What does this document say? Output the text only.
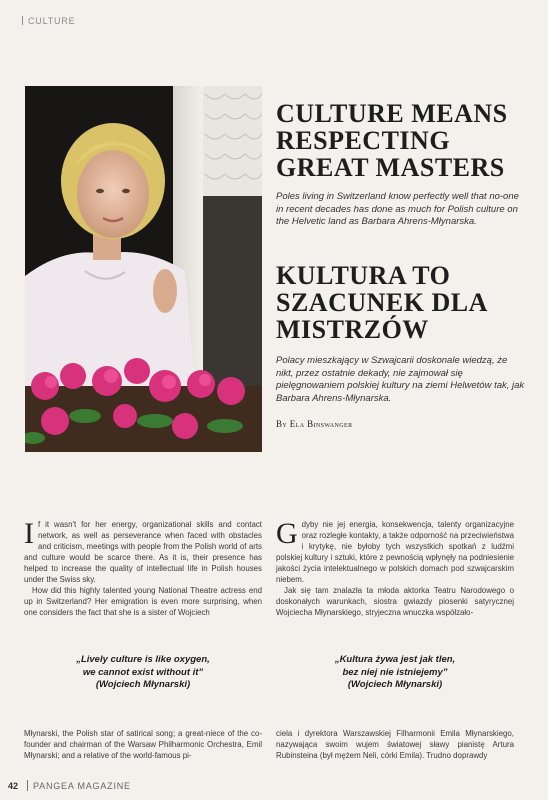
CULTURE
CULTURE MEANS RESPECTING GREAT MASTERS
Poles living in Switzerland know perfectly well that no-one in recent decades has done as much for Polish culture on the Helvetic land as Barbara Ahrens-Młynarska.
KULTURA TO SZACUNEK DLA MISTRZÓW
Polacy mieszkający w Szwajcarii doskonale wiedzą, że nikt, przez ostatnie dekady, nie zajmował się pielęgnowaniem polskiej kultury na ziemi Helwetów tak, jak Barbara Ahrens-Młynarska.
By Ela Binswanger

If it wasn't for her energy, organizational skills and contact network, as well as perseverance when faced with obstacles and criticism, meetings with people from the Polish world of arts and culture would be scarce there. As it is, their presence has helped to increase the quality of intellectual life in Polish houses under the Swiss sky.

How did this highly talented young National Theatre actress end up in Switzerland? Her emigration is even more surprising, when one considers the fact that she is a sister of Wojciech

Gdyby nie jej energia, konsekwencja, talenty organizacyjne oraz rozległe kontakty, a także odporność na przeciwieństwa i krytykę, nie byłoby tych wszystkich spotkań z ludźmi polskiej kultury i sztuki, które z pewnością wpłynęły na podniesienie jakości życia intelektualnego w polskich domach pod szwajcarskim niebem.

Jak się tam znalazła ta młoda aktorka Teatru Narodowego o doskonałych warunkach, siostra gwiazdy piosenki satyrycznej Wojciecha Młynarskiego, stryjeczna wnuczka współzało-

„Lively culture is like oxygen,
we cannot exist without it”
(Wojciech Młynarski)
„Kultura żywa jest jak tlen,
bez niej nie istniejemy”
(Wojciech Młynarski)

Młynarski, the Polish star of satirical song; a great-niece of the co-founder and chairman of the Warsaw Philharmonic Orchestra, Emil Młynarski; and a relative of the world-famous pi-

ciela i dyrektora Warszawskiej Filharmonii Emila Młynarskiego, nazywająca swoim wujem światowej sławy pianistę Artura Rubinsteina (był mężem Neli, córki Emila). Trudno doprawdy

42 PANGEA MAGAZINE
